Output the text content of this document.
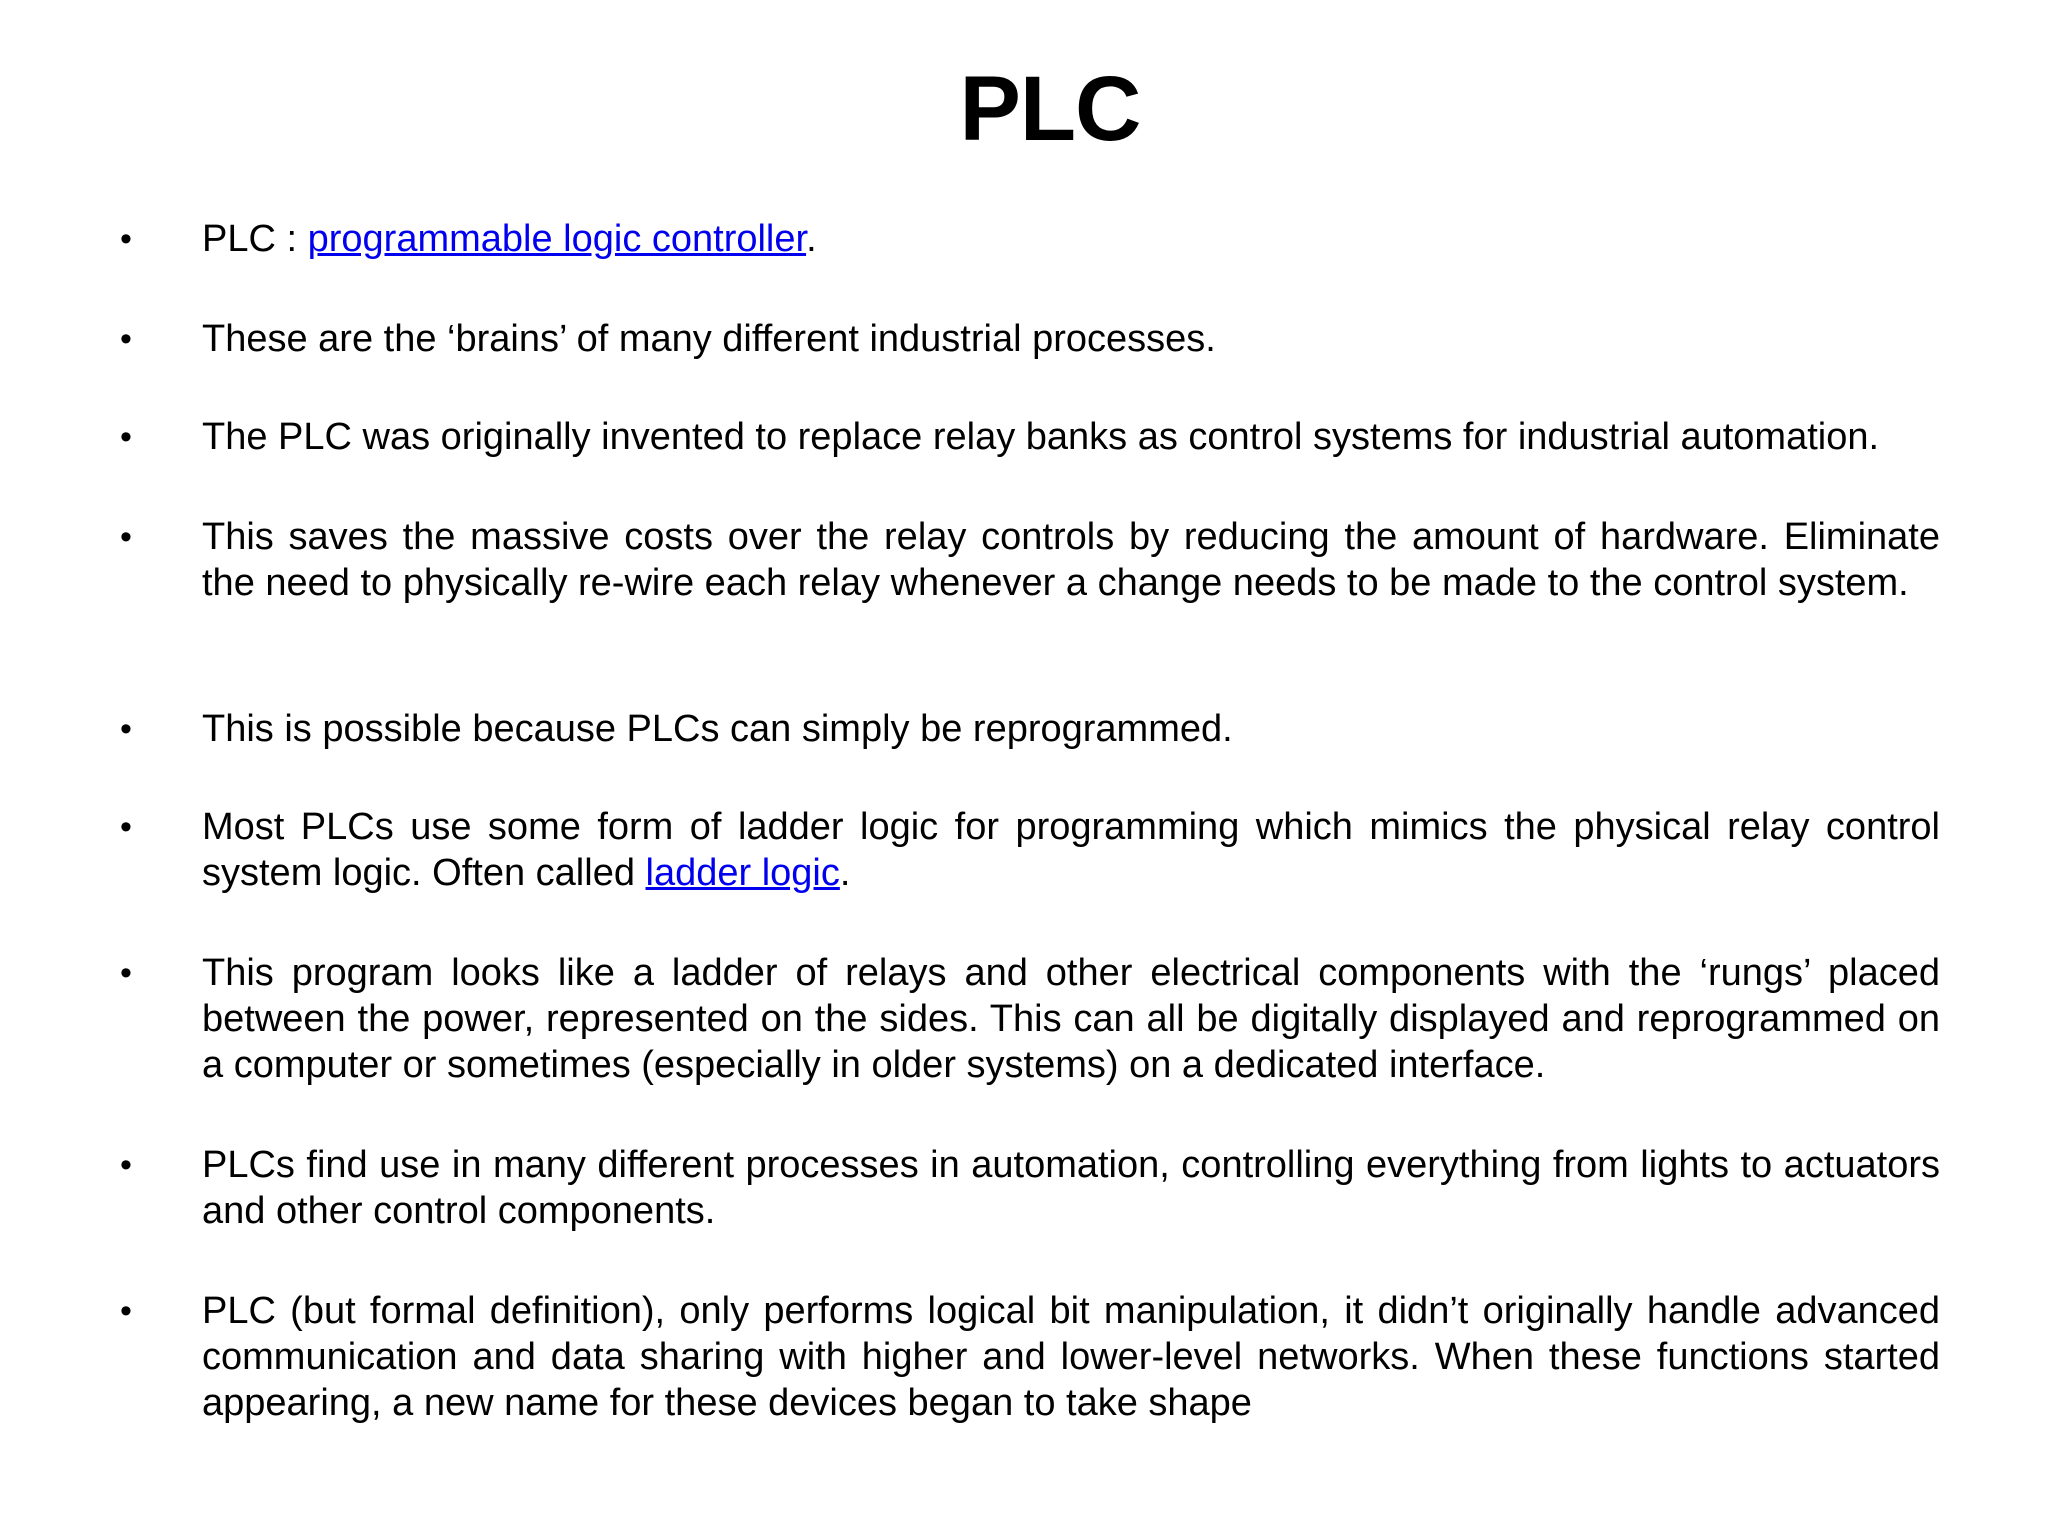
PLC
•	PLC : programmable logic controller.
•	These are the ‘brains’ of many different industrial processes.
•	The PLC was originally invented to replace relay banks as control systems for industrial automation.
•	This saves the massive costs over the relay controls by reducing the amount of hardware. Eliminate the need to physically re-wire each relay whenever a change needs to be made to the control system.
•	This is possible because PLCs can simply be reprogrammed.
•	Most PLCs use some form of ladder logic for programming which mimics the physical relay control system logic. Often called ladder logic.
•	This program looks like a ladder of relays and other electrical components with the ‘rungs’ placed between the power, represented on the sides. This can all be digitally displayed and reprogrammed on a computer or sometimes (especially in older systems) on a dedicated interface.
•	PLCs find use in many different processes in automation, controlling everything from lights to actuators and other control components.
•	PLC (but formal definition), only performs logical bit manipulation, it didn’t originally handle advanced communication and data sharing with higher and lower-level networks. When these functions started appearing, a new name for these devices began to take shape
